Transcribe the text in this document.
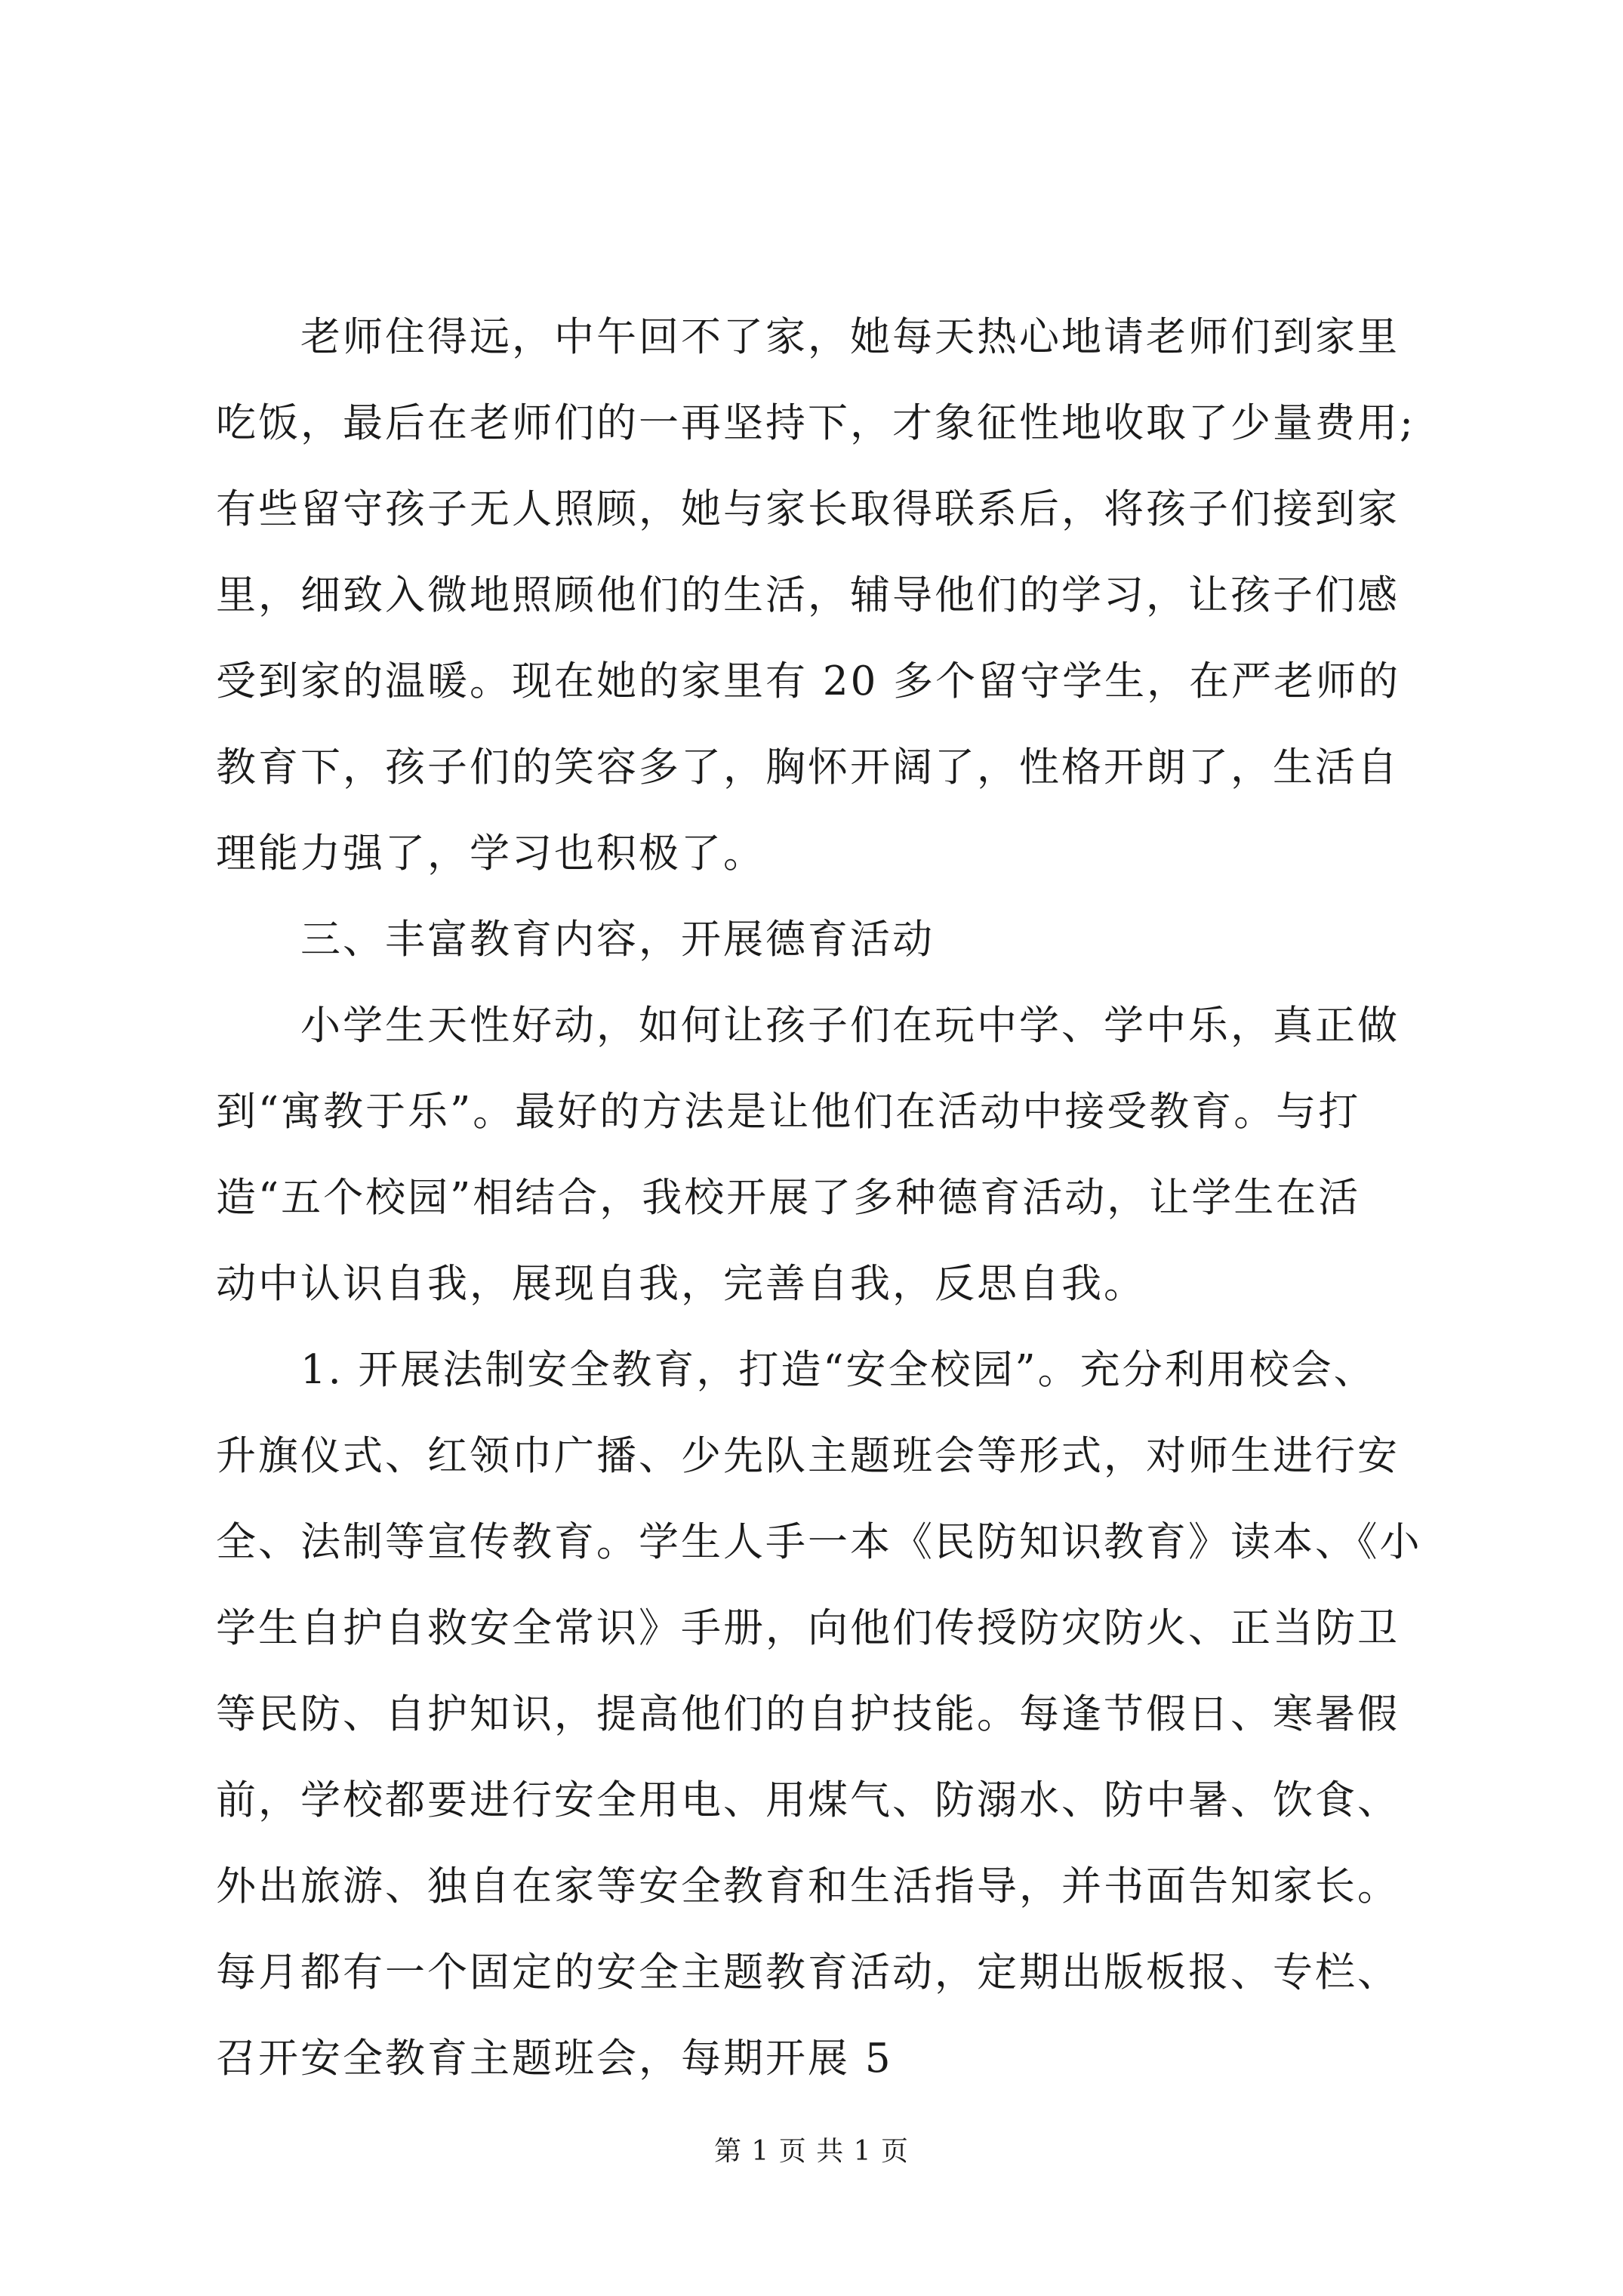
　　老师住得远，中午回不了家，她每天热心地请老师们到家里
吃饭，最后在老师们的一再坚持下，才象征性地收取了少量费用;
有些留守孩子无人照顾，她与家长取得联系后，将孩子们接到家
里，细致入微地照顾他们的生活，辅导他们的学习，让孩子们感
受到家的温暖。现在她的家里有 20 多个留守学生，在严老师的
教育下，孩子们的笑容多了，胸怀开阔了，性格开朗了，生活自
理能力强了，学习也积极了。
　　三、丰富教育内容，开展德育活动
　　小学生天性好动，如何让孩子们在玩中学、学中乐，真正做
到“寓教于乐”。最好的方法是让他们在活动中接受教育。与打
造“五个校园”相结合，我校开展了多种德育活动，让学生在活
动中认识自我，展现自我，完善自我，反思自我。
　　1. 开展法制安全教育，打造“安全校园”。充分利用校会、
升旗仪式、红领巾广播、少先队主题班会等形式，对师生进行安
全、法制等宣传教育。学生人手一本《民防知识教育》读本、《小
学生自护自救安全常识》手册，向他们传授防灾防火、正当防卫
等民防、自护知识，提高他们的自护技能。每逢节假日、寒暑假
前，学校都要进行安全用电、用煤气、防溺水、防中暑、饮食、
外出旅游、独自在家等安全教育和生活指导，并书面告知家长。
每月都有一个固定的安全主题教育活动，定期出版板报、专栏、
召开安全教育主题班会，每期开展 5
第 1 页 共 1 页
